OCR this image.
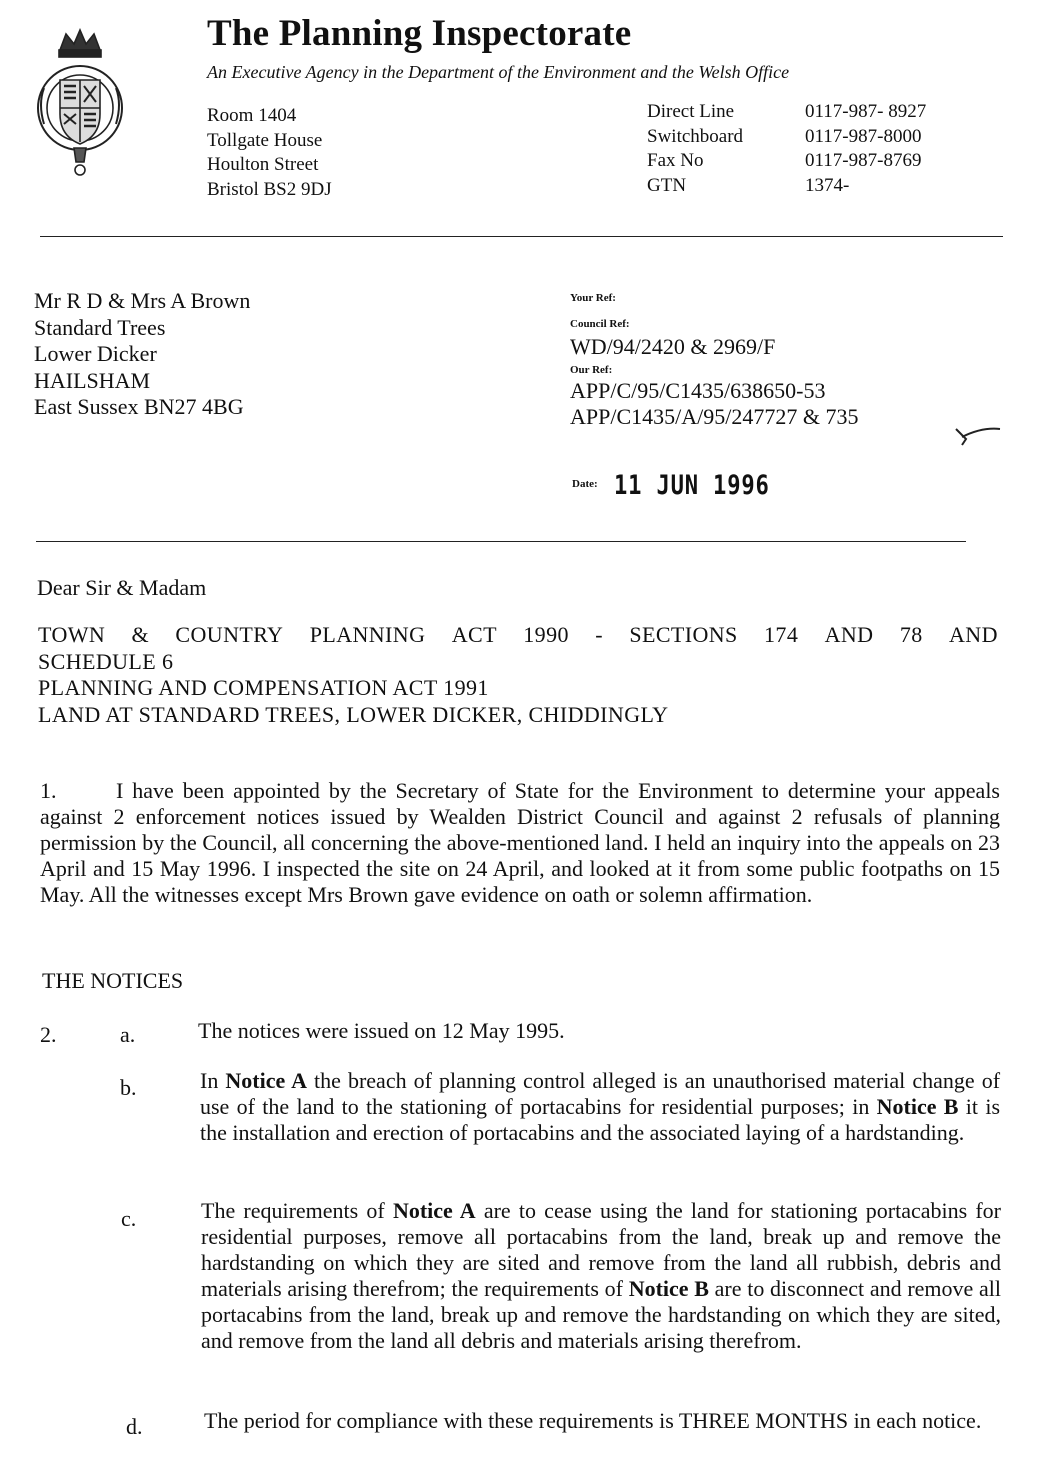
The Planning Inspectorate
An Executive Agency in the Department of the Environment and the Welsh Office
Room 1404
Tollgate House
Houlton Street
Bristol BS2 9DJ
Direct Line	0117-987- 8927
Switchboard	0117-987-8000
Fax No	0117-987-8769
GTN	1374-
Mr R D & Mrs A Brown
Standard Trees
Lower Dicker
HAILSHAM
East Sussex BN27 4BG
Your Ref:
Council Ref:
WD/94/2420 & 2969/F
Our Ref:
APP/C/95/C1435/638650-53
APP/C1435/A/95/247727 & 735
Date: 11 JUN 1996
Dear Sir & Madam
TOWN & COUNTRY PLANNING ACT 1990 - SECTIONS 174 AND 78 AND
SCHEDULE 6
PLANNING AND COMPENSATION ACT 1991
LAND AT STANDARD TREES, LOWER DICKER, CHIDDINGLY
1.	I have been appointed by the Secretary of State for the Environment to determine your appeals against 2 enforcement notices issued by Wealden District Council and against 2 refusals of planning permission by the Council, all concerning the above-mentioned land. I held an inquiry into the appeals on 23 April and 15 May 1996. I inspected the site on 24 April, and looked at it from some public footpaths on 15 May. All the witnesses except Mrs Brown gave evidence on oath or solemn affirmation.
THE NOTICES
2.	a.	The notices were issued on 12 May 1995.
b.	In Notice A the breach of planning control alleged is an unauthorised material change of use of the land to the stationing of portacabins for residential purposes; in Notice B it is the installation and erection of portacabins and the associated laying of a hardstanding.
c.	The requirements of Notice A are to cease using the land for stationing portacabins for residential purposes, remove all portacabins from the land, break up and remove the hardstanding on which they are sited and remove from the land all rubbish, debris and materials arising therefrom; the requirements of Notice B are to disconnect and remove all portacabins from the land, break up and remove the hardstanding on which they are sited, and remove from the land all debris and materials arising therefrom.
d.	The period for compliance with these requirements is THREE MONTHS in each notice.
